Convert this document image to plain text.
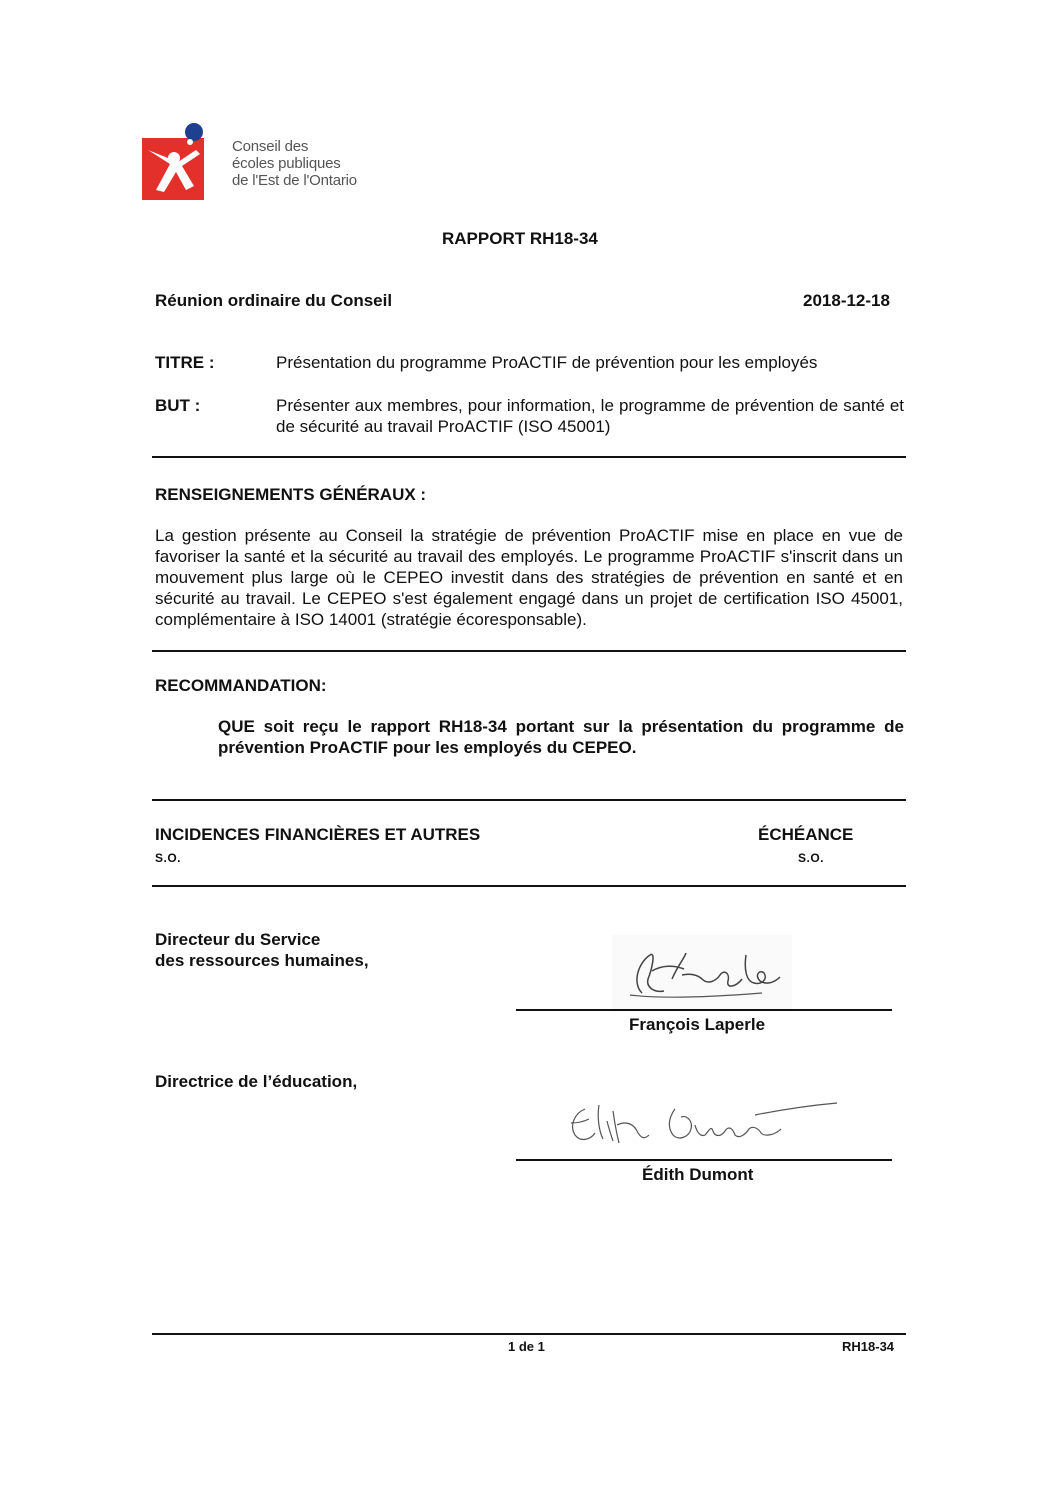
Conseil des
écoles publiques
de l'Est de l'Ontario
RAPPORT RH18-34
Réunion ordinaire du Conseil	2018-12-18
TITRE :	Présentation du programme ProACTIF de prévention pour les employés
BUT :	Présenter aux membres, pour information, le programme de prévention de santé et de sécurité au travail ProACTIF (ISO 45001)
RENSEIGNEMENTS GÉNÉRAUX :
La gestion présente au Conseil la stratégie de prévention ProACTIF mise en place en vue de favoriser la santé et la sécurité au travail des employés. Le programme ProACTIF s'inscrit dans un mouvement plus large où le CEPEO investit dans des stratégies de prévention en santé et en sécurité au travail. Le CEPEO s'est également engagé dans un projet de certification ISO 45001, complémentaire à ISO 14001 (stratégie écoresponsable).
RECOMMANDATION:
QUE soit reçu le rapport RH18-34 portant sur la présentation du programme de prévention ProACTIF pour les employés du CEPEO.
INCIDENCES FINANCIÈRES ET AUTRES
S.O.
ÉCHÉANCE
S.O.
Directeur du Service
des ressources humaines,
François Laperle
Directrice de l’éducation,
Édith Dumont
1 de 1	RH18-34
